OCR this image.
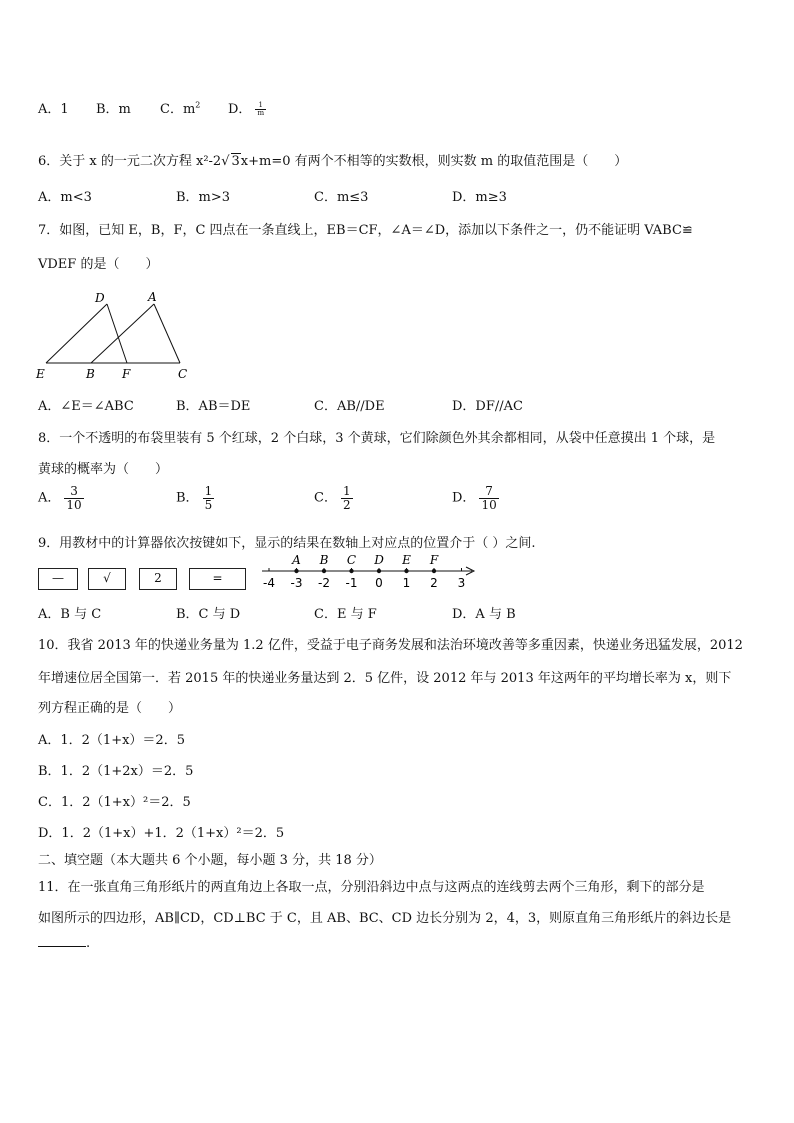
A．1 B．m C．$m^2$ D． $\frac{1}{m}$
6．关于 x 的一元二次方程 x²-2√ 3x+m=0 有两个不相等的实数根，则实数 m 的取值范围是（　　）
A．m<3	B．m>3	C．m≤3	D．m≥3
7．如图，已知 E，B，F，C 四点在一条直线上，EB＝CF，∠A＝∠D，添加以下条件之一，仍不能证明 VABC≌
VDEF 的是（　　）
D	A
E	B F	C
A．∠E＝∠ABC	B．AB＝DE	C．AB//DE	D．DF//AC
8．一个不透明的布袋里装有 5 个红球，2 个白球，3 个黄球，它们除颜色外其余都相同，从袋中任意摸出 1 个球，是
黄球的概率为（　　）
A． $\frac{3}{10}$	B． $\frac{1}{5}$	C． $\frac{1}{2}$	D． $\frac{7}{10}$
9．用教材中的计算器依次按键如下，显示的结果在数轴上对应点的位置介于（ ）之间.
—	√	2	=	-4 -3 -2 -1 0 1 2 3
A B C D E F
A．B 与 C	B．C 与 D	C．E 与 F	D．A 与 B
10．我省 2013 年的快递业务量为 1.2 亿件，受益于电子商务发展和法治环境改善等多重因素，快递业务迅猛发展，2012
年增速位居全国第一．若 2015 年的快递业务量达到 2．5 亿件，设 2012 年与 2013 年这两年的平均增长率为 x，则下
列方程正确的是（　　）
A．1．2（1+x）＝2．5
B．1．2（1+2x）＝2．5
C．1．2（1+x）²＝2．5
D．1．2（1+x）+1．2（1+x）²＝2．5
二、填空题（本大题共 6 个小题，每小题 3 分，共 18 分）
11．在一张直角三角形纸片的两直角边上各取一点，分别沿斜边中点与这两点的连线剪去两个三角形，剩下的部分是
如图所示的四边形，AB∥CD，CD⊥BC 于 C，且 AB、BC、CD 边长分别为 2，4，3，则原直角三角形纸片的斜边长是
.
